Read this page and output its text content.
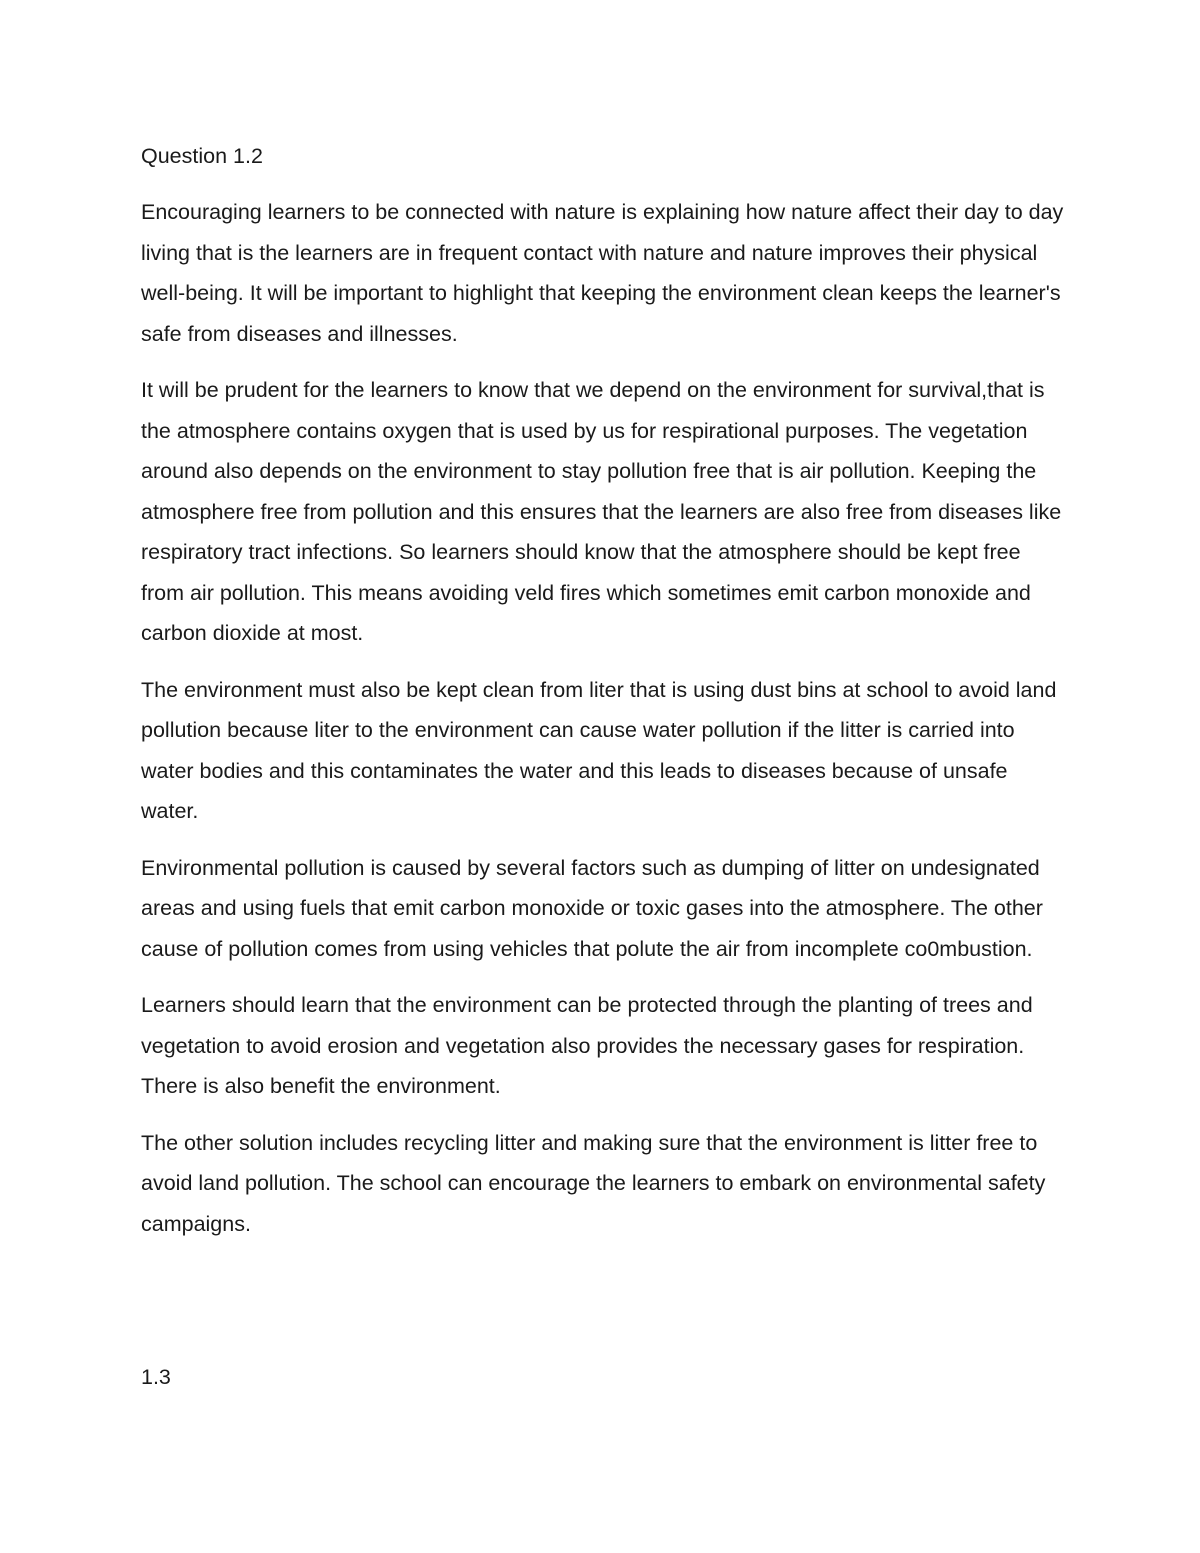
Question 1.2

Encouraging learners to be connected with nature is explaining how nature affect their day to day living that is the learners are in frequent contact with nature and nature improves their physical well-being. It will be important to highlight that keeping the environment clean keeps the learner's safe from diseases and illnesses.

It will be prudent for the learners to know that we depend on the environment for survival,that is the atmosphere contains oxygen that is used by us for respirational purposes. The vegetation around also depends on the environment to stay pollution free that is air pollution. Keeping the atmosphere free from pollution and this ensures that the learners are also free from diseases like respiratory tract infections. So learners should know that the atmosphere should be kept free from air pollution. This means avoiding veld fires which sometimes emit carbon monoxide and carbon dioxide at most.

The environment must also be kept clean from liter that is using dust bins at school to avoid land pollution because liter to the environment can cause water pollution if the litter is carried into water bodies and this contaminates the water and this leads to diseases because of unsafe water.

Environmental pollution is caused by several factors such as dumping of litter on undesignated areas and using fuels that emit carbon monoxide or toxic gases into the atmosphere. The other cause of pollution comes from using vehicles that polute the air from incomplete co0mbustion.

Learners should learn that the environment can be protected through the planting of trees and vegetation to avoid erosion and vegetation also provides the necessary gases for respiration. There is also benefit the environment.

The other solution includes recycling litter and making sure that the environment is litter free to avoid land pollution. The school can encourage the learners to embark on environmental safety campaigns.

1.3
